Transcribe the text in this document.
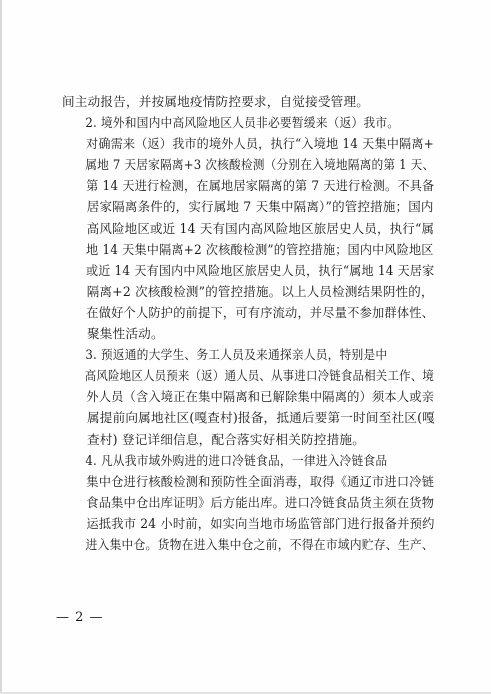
间主动报告，并按属地疫情防控要求，自觉接受管理。

2. 境外和国内中高风险地区人员非必要暂缓来（返）我市。
对确需来（返）我市的境外人员，执行“入境地 14 天集中隔离+
属地 7 天居家隔离+3 次核酸检测（分别在入境地隔离的第 1 天、
第 14 天进行检测，在属地居家隔离的第 7 天进行检测。不具备
居家隔离条件的，实行属地 7 天集中隔离）”的管控措施；国内
高风险地区或近 14 天有国内高风险地区旅居史人员，执行“属
地 14 天集中隔离+2 次核酸检测”的管控措施；国内中风险地区
或近 14 天有国内中风险地区旅居史人员，执行“属地 14 天居家
隔离+2 次核酸检测”的管控措施。以上人员检测结果阴性的，
在做好个人防护的前提下，可有序流动，并尽量不参加群体性、
聚集性活动。

3. 预返通的大学生、务工人员及来通探亲人员，特别是中
高风险地区人员预来（返）通人员、从事进口冷链食品相关工作、境
外人员（含入境正在集中隔离和已解除集中隔离的）须本人或亲
属提前向属地社区(嘎查村)报备，抵通后要第一时间至社区(嘎
查村) 登记详细信息，配合落实好相关防控措施。

4. 凡从我市域外购进的进口冷链食品，一律进入冷链食品
集中仓进行核酸检测和预防性全面消毒，取得《通辽市进口冷链
食品集中仓出库证明》后方能出库。进口冷链食品货主须在货物
运抵我市 24 小时前，如实向当地市场监管部门进行报备并预约
进入集中仓。货物在进入集中仓之前，不得在市域内贮存、生产、

— 2 —
